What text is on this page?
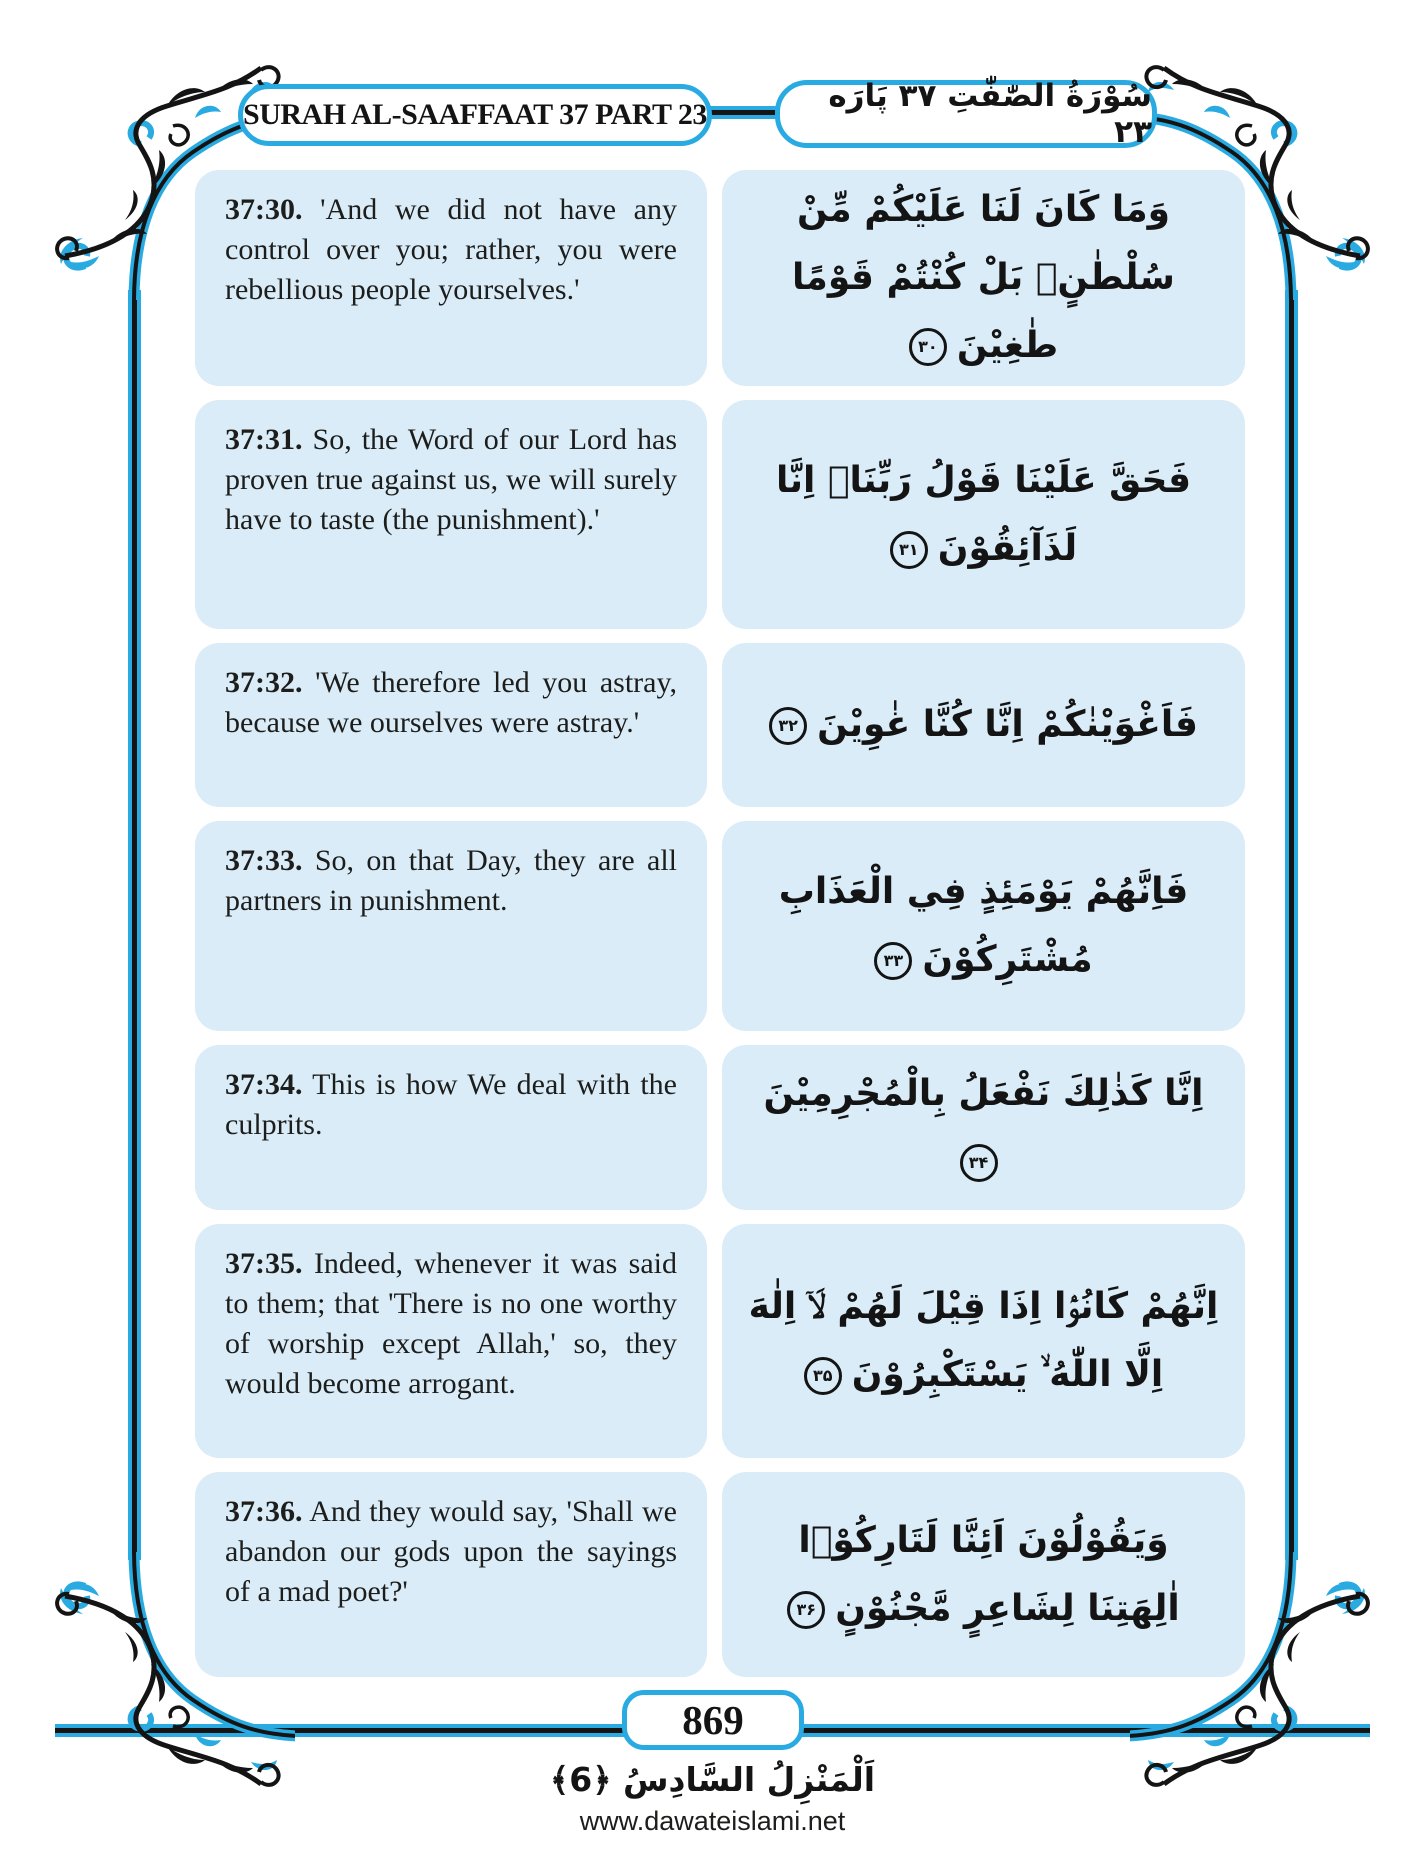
SURAH AL-SAAFFAAT 37 PART 23
سُوْرَةُ الصّٰفّٰتِ ۳۷ پَارَه ۲۳
37:30. 'And we did not have any control over you; rather, you were rebellious people yourselves.'
وَمَا كَانَ لَنَا عَلَيْكُمْ مِّنْ سُلْطٰنٍۚ بَلْ كُنْتُمْ قَوْمًا طٰغِيْنَ
۳۰
37:31. So, the Word of our Lord has proven true against us, we will surely have to taste (the punishment).'
فَحَقَّ عَلَيْنَا قَوْلُ رَبِّنَاۤ اِنَّا لَذَآئِقُوْنَ
۳۱
37:32. 'We therefore led you astray, because we ourselves were astray.'	فَاَغْوَيْنٰكُمْ اِنَّا كُنَّا غٰوِيْنَ
۳۲
37:33. So, on that Day, they are all partners in punishment.	فَاِنَّهُمْ يَوْمَئِذٍ فِي الْعَذَابِ مُشْتَرِكُوْنَ
۳۳
37:34. This is how We deal with the culprits.
اِنَّا كَذٰلِكَ نَفْعَلُ بِالْمُجْرِمِيْنَ
۳۴
37:35. Indeed, whenever it was said to them; that 'There is no one worthy of worship except Allah,' so, they would become arrogant.
اِنَّهُمْ كَانُوْۤا اِذَا قِيْلَ لَهُمْ لَاۤ اِلٰهَ اِلَّا اللّٰهُ ۙ يَسْتَكْبِرُوْنَ
۳۵
37:36. And they would say, 'Shall we abandon our gods upon the sayings of a mad poet?'
وَيَقُوْلُوْنَ اَئِنَّا لَتَارِكُوْۤا اٰلِهَتِنَا لِشَاعِرٍ مَّجْنُوْنٍ
۳۶
869
اَلْمَنْزِلُ السَّادِسُ ﴿6﴾
www.dawateislami.net
